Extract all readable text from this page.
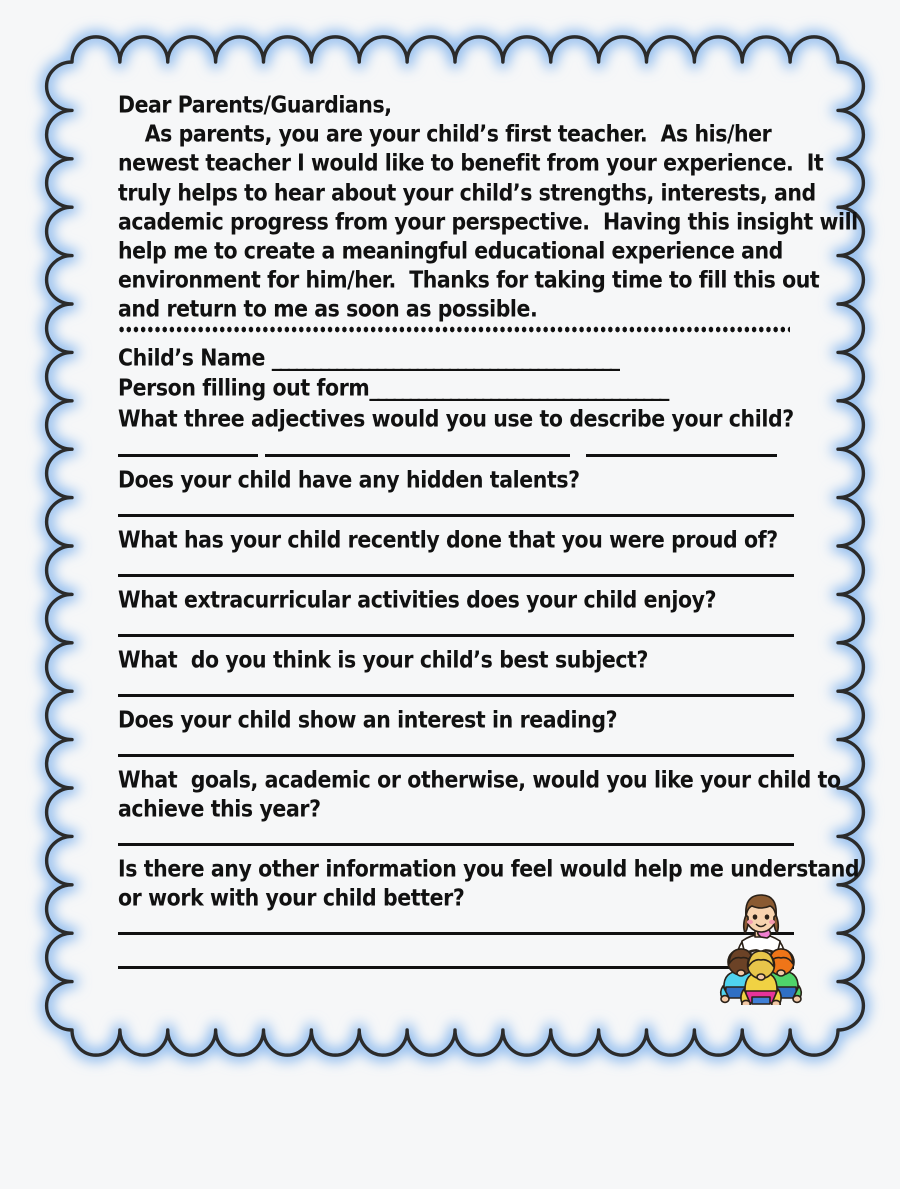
Dear Parents/Guardians,
As parents, you are your child’s first teacher.  As his/her
newest teacher I would like to benefit from your experience.  It
truly helps to hear about your child’s strengths, interests, and
academic progress from your perspective.  Having this insight will
help me to create a meaningful educational experience and
environment for him/her.  Thanks for taking time to fill this out
and return to me as soon as possible.
Child’s Name ___________________________________________
Person filling out form_____________________________________
What three adjectives would you use to describe your child?
Does your child have any hidden talents?
What has your child recently done that you were proud of?
What extracurricular activities does your child enjoy?
What  do you think is your child’s best subject?
Does your child show an interest in reading?
What  goals, academic or otherwise, would you like your child to
achieve this year?
Is there any other information you feel would help me understand
or work with your child better?
